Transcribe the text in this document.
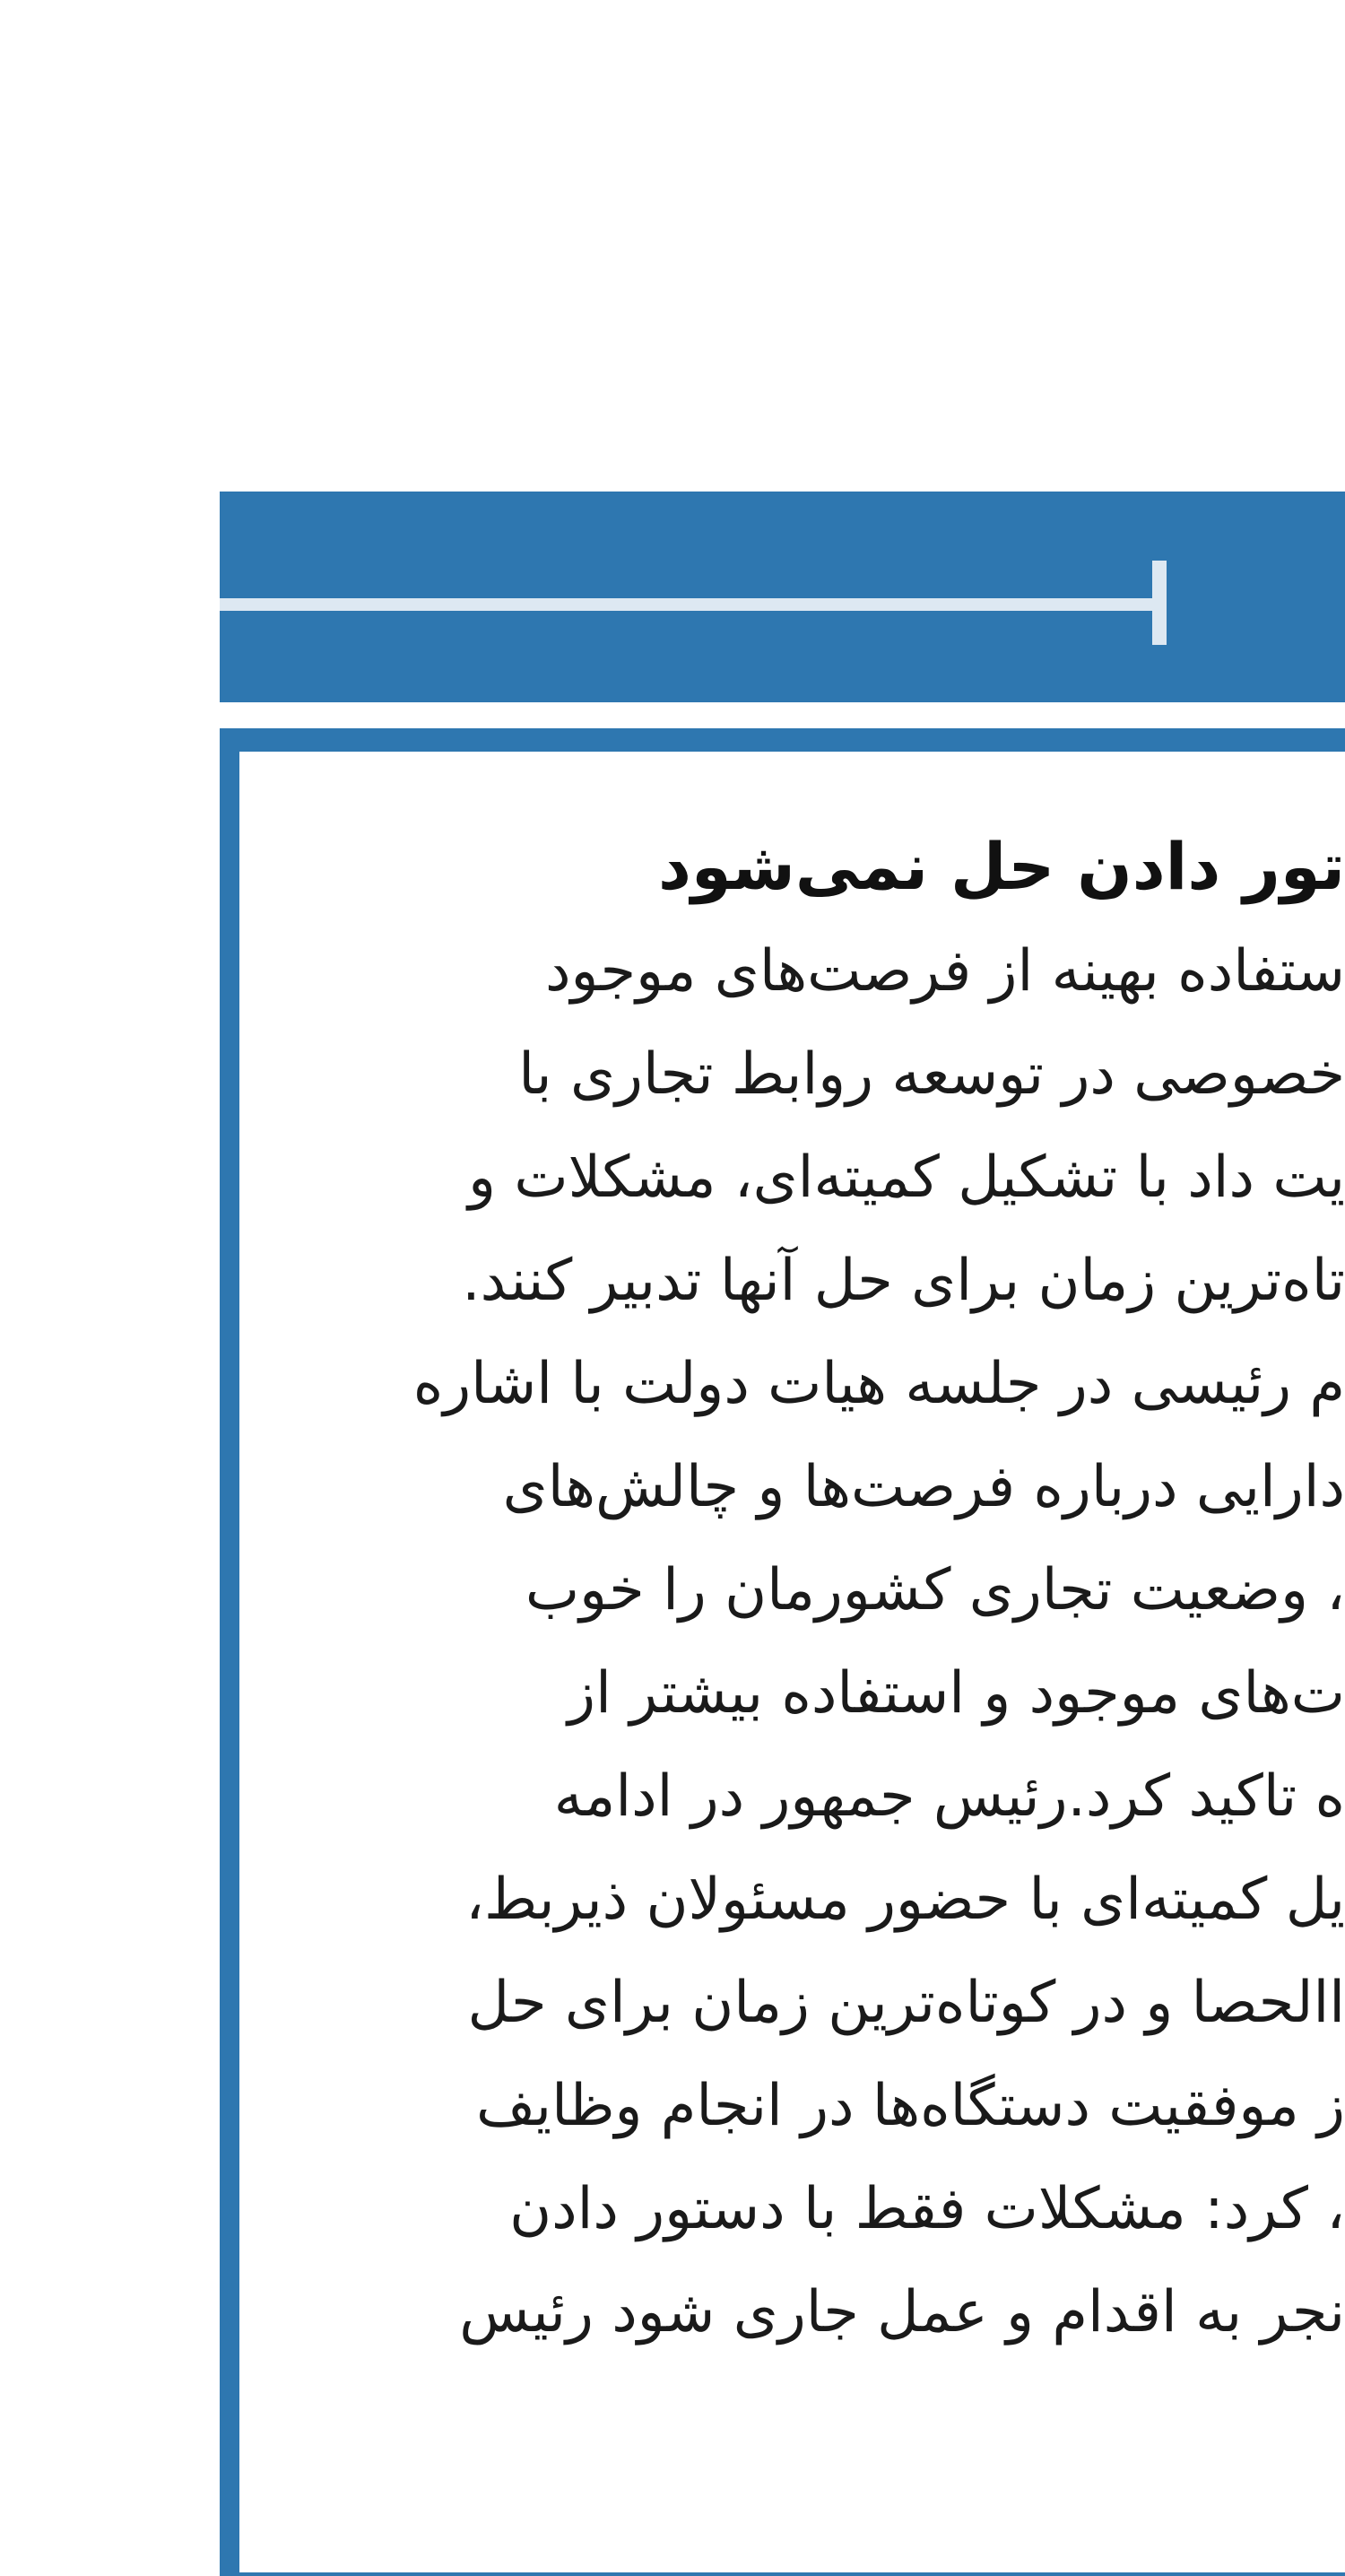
تور دادن حل نمی‌شود
ستفاده بهینه از فرصت‌های موجود
خصوصی در توسعه روابط تجاری با
یت داد با تشکیل کمیته‌ای، مشکلات و
تاه‌ترین زمان برای حل آنها تدبیر کنند.
م رئیسی در جلسه هیات دولت با اشاره
دارایی درباره فرصت‌ها و چالش‌های
، وضعیت تجاری کشورمان را خوب
ت‌های موجود و استفاده بیشتر از
ه تاکید کرد.رئیس جمهور در ادامه
یل کمیته‌ای با حضور مسئولان ذیربط،
االحصا و در کوتاه‌ترین زمان برای حل
ز موفقیت دستگاه‌ها در انجام وظایف
، کرد: مشکلات فقط با دستور دادن
نجر به اقدام و عمل جاری شود رئیس
